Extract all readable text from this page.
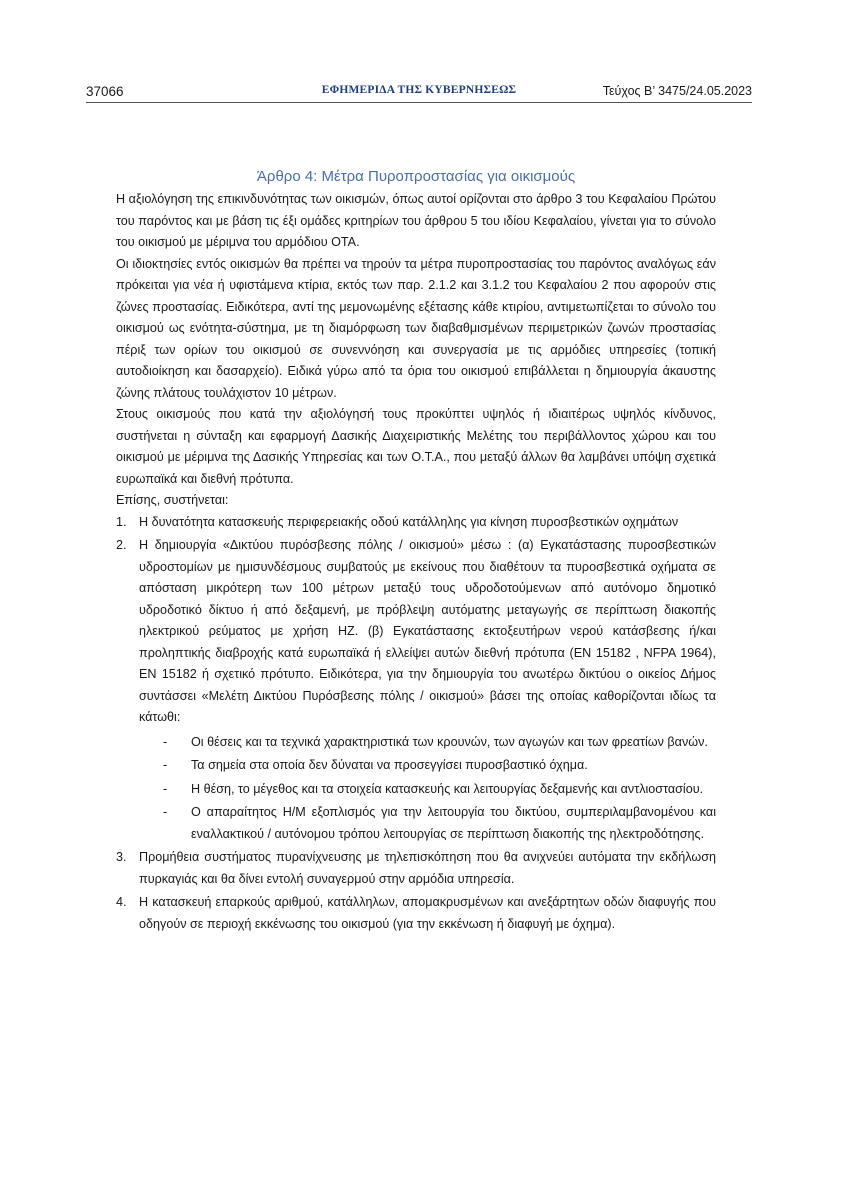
37066	ΕΦΗΜΕΡΙΔΑ ΤΗΣ ΚΥΒΕΡΝΗΣΕΩΣ	Τεύχος Β’ 3475/24.05.2023
Άρθρο 4: Μέτρα Πυροπροστασίας για οικισμούς

Η αξιολόγηση της επικινδυνότητας των οικισμών, όπως αυτοί ορίζονται στο άρθρο 3 του Κεφαλαίου Πρώτου του παρόντος και με βάση τις έξι ομάδες κριτηρίων του άρθρου 5 του ιδίου Κεφαλαίου, γίνεται για το σύνολο του οικισμού με μέριμνα του αρμόδιου ΟΤΑ.

Οι ιδιοκτησίες εντός οικισμών θα πρέπει να τηρούν τα μέτρα πυροπροστασίας του παρόντος αναλόγως εάν πρόκειται για νέα ή υφιστάμενα κτίρια, εκτός των παρ. 2.1.2 και 3.1.2 του Κεφαλαίου 2 που αφορούν στις ζώνες προστασίας. Ειδικότερα, αντί της μεμονωμένης εξέτασης κάθε κτιρίου, αντιμετωπίζεται το σύνολο του οικισμού ως ενότητα-σύστημα, με τη διαμόρφωση των διαβαθμισμένων περιμετρικών ζωνών προστασίας πέριξ των ορίων του οικισμού σε συνεννόηση και συνεργασία με τις αρμόδιες υπηρεσίες (τοπική αυτοδιοίκηση και δασαρχείο). Ειδικά γύρω από τα όρια του οικισμού επιβάλλεται η δημιουργία άκαυστης ζώνης πλάτους τουλάχιστον 10 μέτρων.

Στους οικισμούς που κατά την αξιολόγησή τους προκύπτει υψηλός ή ιδιαιτέρως υψηλός κίνδυνος, συστήνεται η σύνταξη και εφαρμογή Δασικής Διαχειριστικής Μελέτης του περιβάλλοντος χώρου και του οικισμού με μέριμνα της Δασικής Υπηρεσίας και των Ο.Τ.Α., που μεταξύ άλλων θα λαμβάνει υπόψη σχετικά ευρωπαϊκά και διεθνή πρότυπα.

Επίσης, συστήνεται:

1. Η δυνατότητα κατασκευής περιφερειακής οδού κατάλληλης για κίνηση πυροσβεστικών οχημάτων
2. Η δημιουργία «Δικτύου πυρόσβεσης πόλης / οικισμού» μέσω : (α) Εγκατάστασης πυροσβεστικών υδροστομίων με ημισυνδέσμους συμβατούς με εκείνους που διαθέτουν τα πυροσβεστικά οχήματα σε απόσταση μικρότερη των 100 μέτρων μεταξύ τους υδροδοτούμενων από αυτόνομο δημοτικό υδροδοτικό δίκτυο ή από δεξαμενή, με πρόβλεψη αυτόματης μεταγωγής σε περίπτωση διακοπής ηλεκτρικού ρεύματος με χρήση ΗΖ. (β) Εγκατάστασης εκτοξευτήρων νερού κατάσβεσης ή/και προληπτικής διαβροχής κατά ευρωπαϊκά ή ελλείψει αυτών διεθνή πρότυπα (EN 15182 , NFPA 1964), EN 15182 ή σχετικό πρότυπο. Ειδικότερα, για την δημιουργία του ανωτέρω δικτύου ο οικείος Δήμος συντάσσει «Μελέτη Δικτύου Πυρόσβεσης πόλης / οικισμού» βάσει της οποίας καθορίζονται ιδίως τα κάτωθι:
- Οι θέσεις και τα τεχνικά χαρακτηριστικά των κρουνών, των αγωγών και των φρεατίων βανών.
- Τα σημεία στα οποία δεν δύναται να προσεγγίσει πυροσβαστικό όχημα.
- Η θέση, το μέγεθος και τα στοιχεία κατασκευής και λειτουργίας δεξαμενής και αντλιοστασίου.
- Ο απαραίτητος Η/Μ εξοπλισμός για την λειτουργία του δικτύου, συμπεριλαμβανομένου και εναλλακτικού / αυτόνομου τρόπου λειτουργίας σε περίπτωση διακοπής της ηλεκτροδότησης.
3. Προμήθεια συστήματος πυρανίχνευσης με τηλεπισκόπηση που θα ανιχνεύει αυτόματα την εκδήλωση πυρκαγιάς και θα δίνει εντολή συναγερμού στην αρμόδια υπηρεσία.
4. Η κατασκευή επαρκούς αριθμού, κατάλληλων, απομακρυσμένων και ανεξάρτητων οδών διαφυγής που οδηγούν σε περιοχή εκκένωσης του οικισμού (για την εκκένωση ή διαφυγή με όχημα).
